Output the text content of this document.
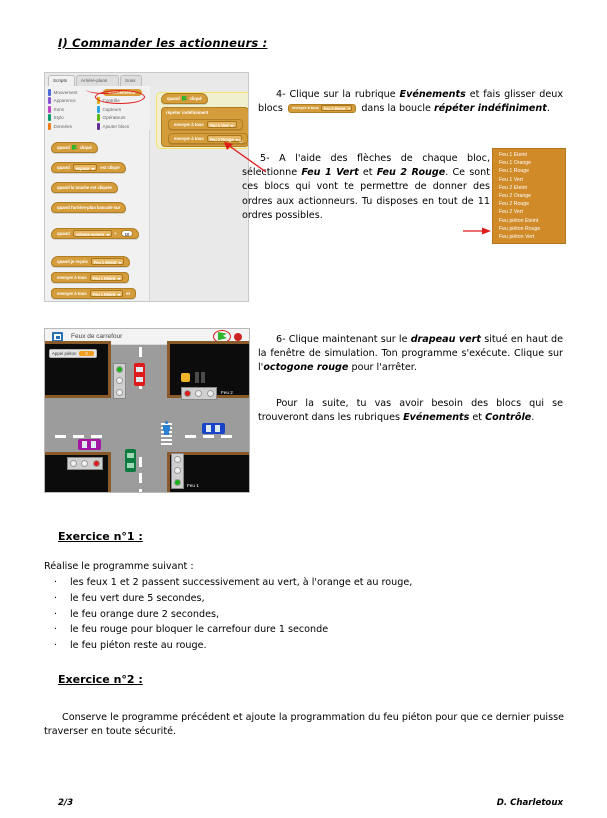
I) Commander les actionneurs :
Scripts	Arrière-plans	Sons
Mouvement
Apparence
Sons
Stylo
Données
Evénements
Contrôle
Capteurs
Opérateurs
Ajouter blocs
quand cliqué
quand	espace	est cliqué
quand la touche est cliquée
quand l'arrière-plan bascule sur
quand	volume sonore	>	10
quand je reçois	Feu 1 Eteint
envoyer à tous	Feu 1 Eteint
envoyer à tous	Feu 1 Eteint	et
quand cliqué
répéter indéfiniment
envoyer à tous	Feu 1 Vert
envoyer à tous	Feu 2 Rouge	↻
4- Clique sur la rubrique Evénements et fais glisser deux blocs envoyer à tous	Feu 1 Eteint	dans la boucle répéter indéfiniment.
5- A l'aide des flèches de chaque bloc, sélectionne Feu 1 Vert et Feu 2 Rouge. Ce sont ces blocs qui vont te permettre de donner des ordres aux actionneurs. Tu disposes en tout de 11 ordres possibles.
Feu 1 Eteint
Feu 1 Orange
Feu 1 Rouge
Feu 1 Vert
Feu 2 Eteint
Feu 2 Orange
Feu 2 Rouge
Feu 2 Vert
Feu piéton Eteint
Feu piéton Rouge
Feu piéton Vert
Feux de carrefour
Feu 1
Feu 2
Appel piéton	0
6- Clique maintenant sur le drapeau vert situé en haut de la fenêtre de simulation. Ton programme s'exécute. Clique sur l'octogone rouge pour l'arrêter.
Pour la suite, tu vas avoir besoin des blocs qui se trouveront dans les rubriques Evénements et Contrôle.
Exercice n°1 :
Réalise le programme suivant :
·	les feux 1 et 2 passent successivement au vert, à l'orange et au rouge,
·	le feu vert dure 5 secondes,
·	le feu orange dure 2 secondes,
·	le feu rouge pour bloquer le carrefour dure 1 seconde
·	le feu piéton reste au rouge.
Exercice n°2 :
Conserve le programme précédent et ajoute la programmation du feu piéton pour que ce dernier puisse traverser en toute sécurité.
2/3	D. Charletoux
